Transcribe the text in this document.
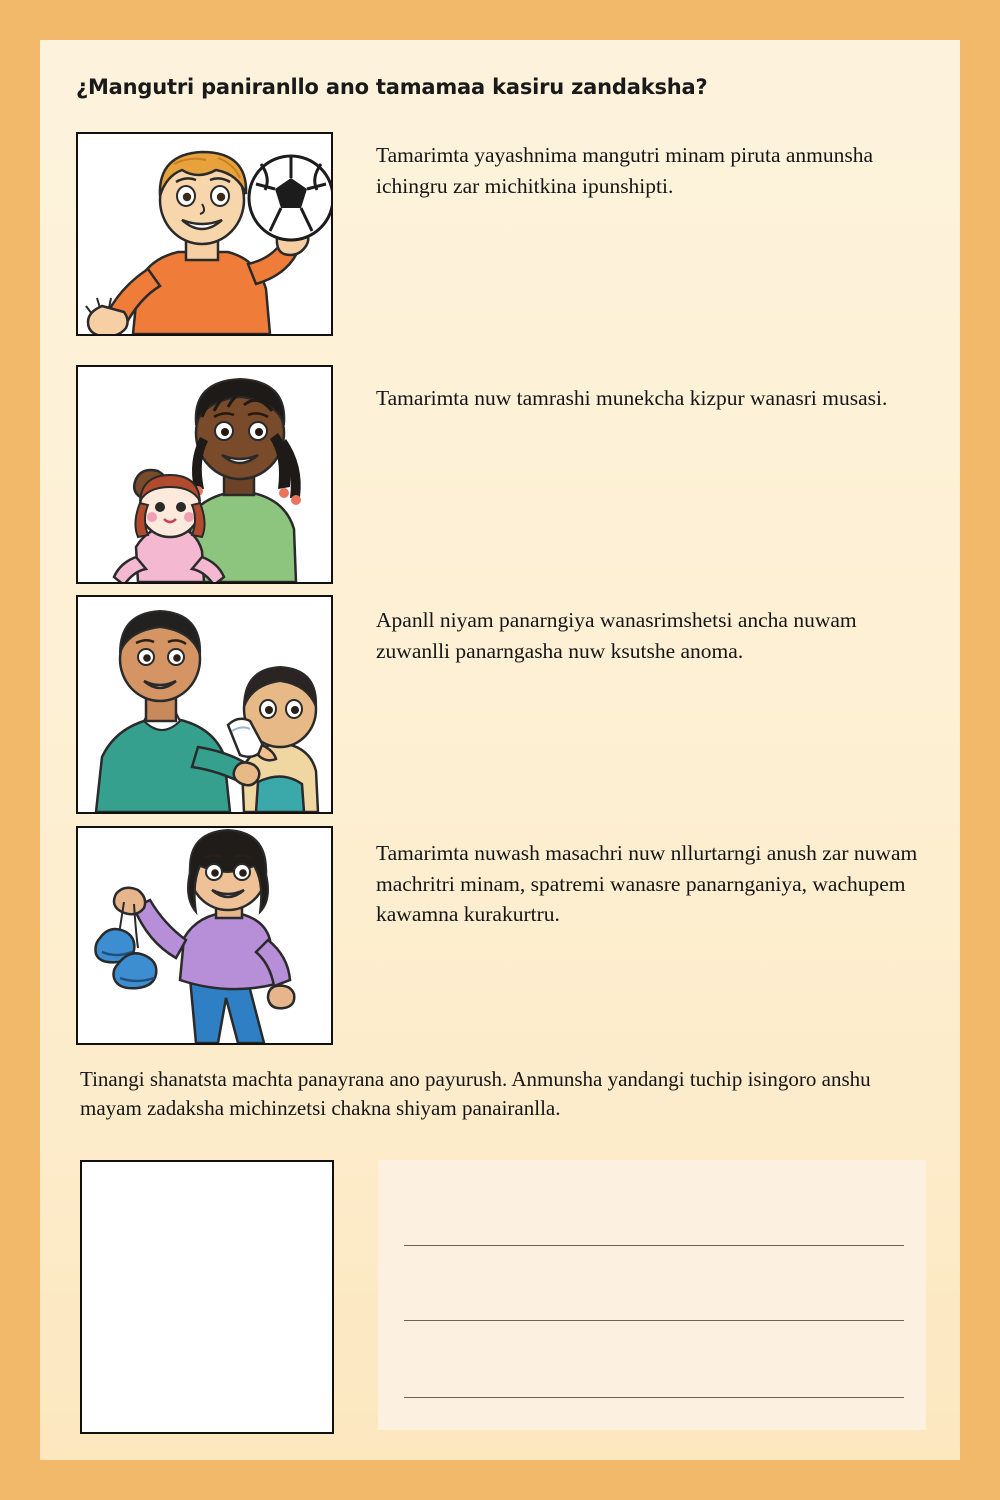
¿Mangutri paniranllo ano tamamaa kasiru zandaksha?
Tamarimta yayashnima mangutri minam piruta anmunsha ichingru zar michitkina ipunshipti.
Tamarimta nuw tamrashi munekcha kizpur wanasri musasi.
Apanll niyam panarngiya wanasrimshetsi ancha nuwam zuwanlli panarngasha nuw ksutshe anoma.
Tamarimta nuwash masachri nuw nllurtarngi anush zar nuwam machritri minam, spatremi wanasre panarnganiya, wachupem kawamna kurakurtru.
Tinangi shanatsta machta panayrana ano payurush. Anmunsha yandangi tuchip isingoro anshu mayam zadaksha michinzetsi chakna shiyam panairanlla.
